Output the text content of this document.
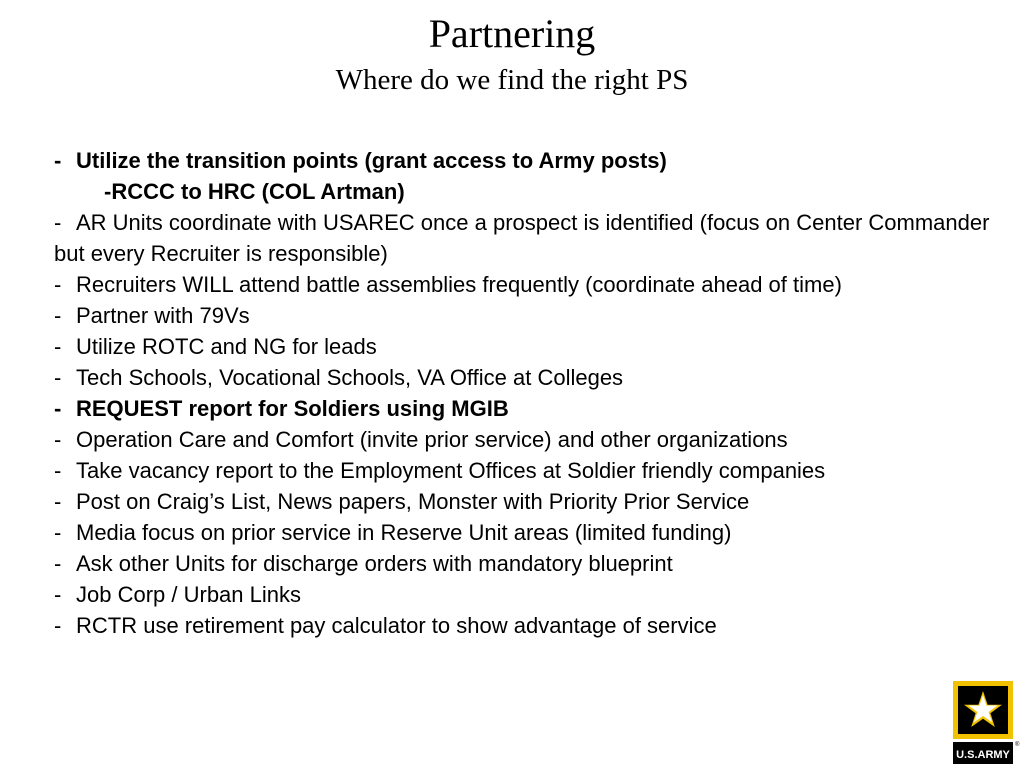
Partnering
Where do we find the right PS
- Utilize the transition points (grant access to Army posts)
-RCCC to HRC (COL Artman)
- AR Units coordinate with USAREC once a prospect is identified (focus on Center Commander but every Recruiter is responsible)
- Recruiters WILL attend battle assemblies frequently (coordinate ahead of time)
- Partner with 79Vs
- Utilize ROTC and NG for leads
- Tech Schools, Vocational Schools, VA Office at Colleges
- REQUEST report for Soldiers using MGIB
- Operation Care and Comfort (invite prior service) and other organizations
- Take vacancy report to the Employment Offices at Soldier friendly companies
- Post on Craig’s List, News papers, Monster with Priority Prior Service
- Media focus on prior service in Reserve Unit areas (limited funding)
- Ask other Units for discharge orders with mandatory blueprint
- Job Corp / Urban Links
- RCTR use retirement pay calculator to show advantage of service
U.S.ARMY
®
